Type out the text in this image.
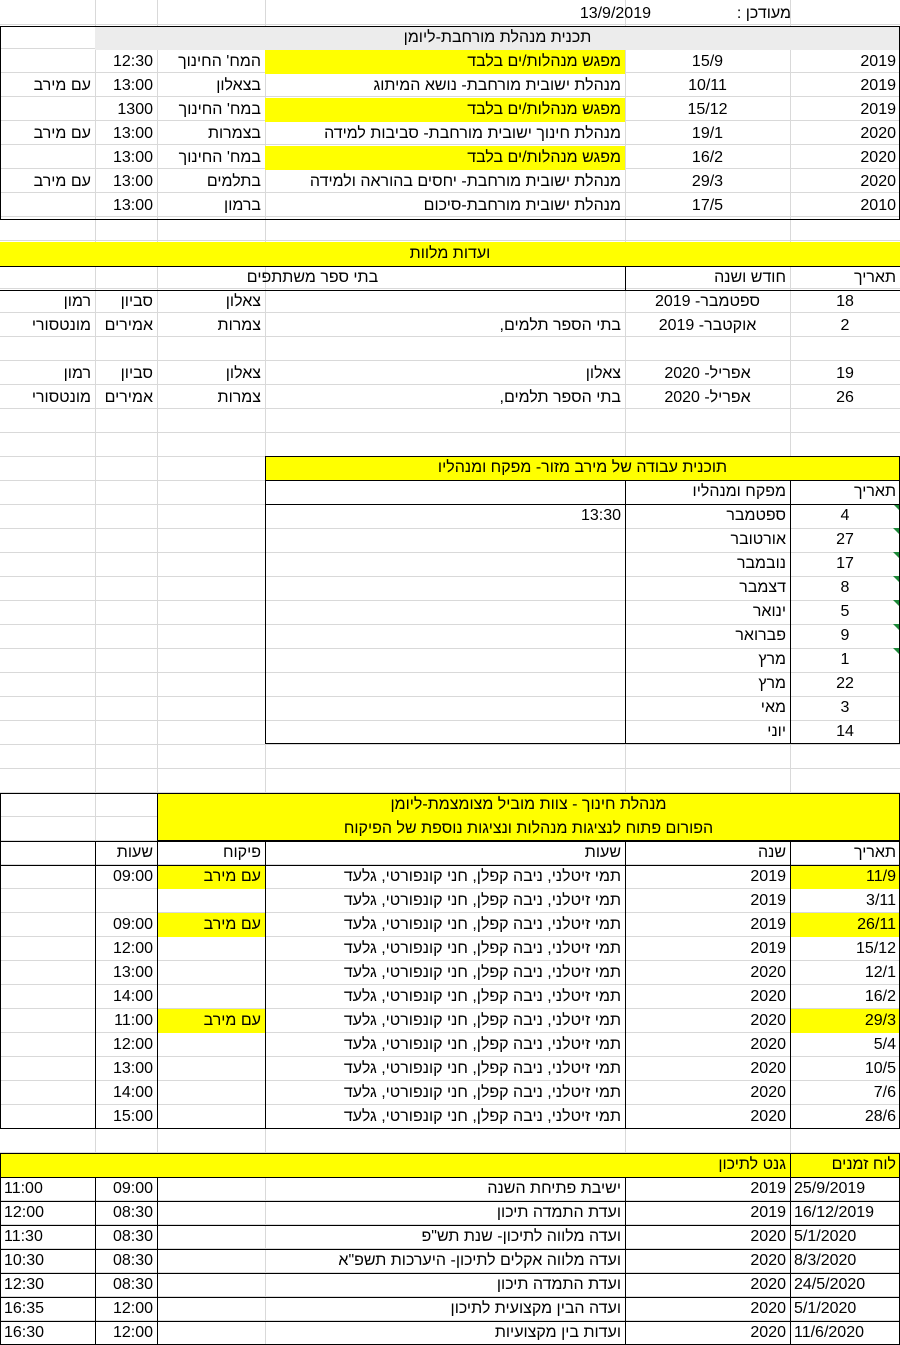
13/9/2019	מעודכן :
תכנית מנהלת מורחבת-ליומן
2019
15/9
מפגש מנהלות/ים בלבד
המח' החינוך
12:30
2019
10/11
מנהלת ישובית מורחבת- נושא המיתוג
בצאלון
13:00
עם מירב
2019
15/12
מפגש מנהלות/ים בלבד
במח' החינוך
1300
2020
19/1
מנהלת חינוך ישובית מורחבת- סביבות למידה
בצמרות
13:00
עם מירב
2020
16/2
מפגש מנהלות/ים בלבד
במח' החינוך
13:00
2020
29/3
מנהלת ישובית מורחבת- יחסים בהוראה ולמידה
בתלמים
13:00
עם מירב
2010
17/5
מנהלת ישובית מורחבת-סיכום
ברמון
13:00
ועדות מלוות
תאריך
חודש ושנה
בתי ספר משתתפים
18
ספטמבר- 2019
צאלון
סביון
רמון
2
אוקטבר- 2019
בתי הספר תלמים,
צמרות
אמירים
מונטסורי
19
אפריל- 2020
צאלון
צאלון
סביון
רמון
26
אפריל- 2020
בתי הספר תלמים,
צמרות
אמירים
מונטסורי
תוכנית עבודה של מירב מזור- מפקח ומנהליו
תאריך
מפקח ומנהליו
4
ספטמבר
13:30
27
אורטובר
17
נובמבר
8
דצמבר
5
ינואר
9
פברואר
1
מרץ
22
מרץ
3
מאי
14
יוני
מנהלת חינוך - צוות מוביל מצומצמת-ליומן
הפורום פתוח לנציגות מנהלות ונציגות נוספת של הפיקוח
תאריך
שנה
שעות
פיקוח
שעות
11/9
2019
תמי זיטלני, ניבה קפלן, חני קונפורטי, גלעד
עם מירב
09:00
3/11
2019
תמי זיטלני, ניבה קפלן, חני קונפורטי, גלעד
26/11
2019
תמי זיטלני, ניבה קפלן, חני קונפורטי, גלעד
עם מירב
09:00
15/12
2019
תמי זיטלני, ניבה קפלן, חני קונפורטי, גלעד
12:00
12/1
2020
תמי זיטלני, ניבה קפלן, חני קונפורטי, גלעד
13:00
16/2
2020
תמי זיטלני, ניבה קפלן, חני קונפורטי, גלעד
14:00
29/3
2020
תמי זיטלני, ניבה קפלן, חני קונפורטי, גלעד
עם מירב
11:00
5/4
2020
תמי זיטלני, ניבה קפלן, חני קונפורטי, גלעד
12:00
10/5
2020
תמי זיטלני, ניבה קפלן, חני קונפורטי, גלעד
13:00
7/6
2020
תמי זיטלני, ניבה קפלן, חני קונפורטי, גלעד
14:00
28/6
2020
תמי זיטלני, ניבה קפלן, חני קונפורטי, גלעד
15:00
לוח זמנים
גנט לתיכון
25/9/2019
2019
ישיבת פתיחת השנה
09:00
11:00
16/12/2019
2019
ועדת התמדה תיכון
08:30
12:00
5/1/2020
2020
ועדה מלווה לתיכון- שנת תש"פ
08:30
11:30
8/3/2020
2020
ועדה מלווה אקלים לתיכון- היערכות תשפ"א
08:30
10:30
24/5/2020
2020
ועדת התמדה תיכון
08:30
12:30
5/1/2020
2020
ועדה הבין מקצועית לתיכון
12:00
16:35
11/6/2020
2020
ועדות בין מקצועיות
12:00
16:30
